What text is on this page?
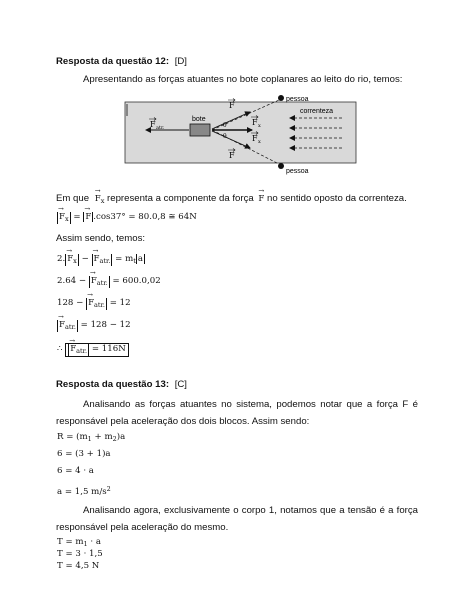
Resposta da questão 12: [D]
Apresentando as forças atuantes no bote coplanares ao leito do rio, temos:
pessoa
pessoa
correnteza
bote
F atr.
F
F
F x
F x
θ
θ
Em que → $F_x$ representa a componente da força → F no sentido oposto da correnteza.
→ $F_x$ = → F .cos37° = 80.0,8 ≅ 64N
Assim sendo, temos:
$2.\to F_x$ − → $F_{atr.} = m_t$ a
2.64 − → $F_{atr.} = 600.0,02$
128 − → $F_{atr.} = 12$
→ $F_{atr.} = 128 - 12$
∴ → $F_{atr.} = 116N$
Resposta da questão 13: [C]
Analisando as forças atuantes no sistema, podemos notar que a força F é responsável pela aceleração dos dois blocos. Assim sendo:
$R = (m_1 + m_2)a$
6 = (3 + 1)a
6 = 4 · a
a = 1,5 $m/s^2$
Analisando agora, exclusivamente o corpo 1, notamos que a tensão é a força responsável pela aceleração do mesmo.
$T = m_1 \cdot a$
T = 3 · 1,5
T = 4,5 N
